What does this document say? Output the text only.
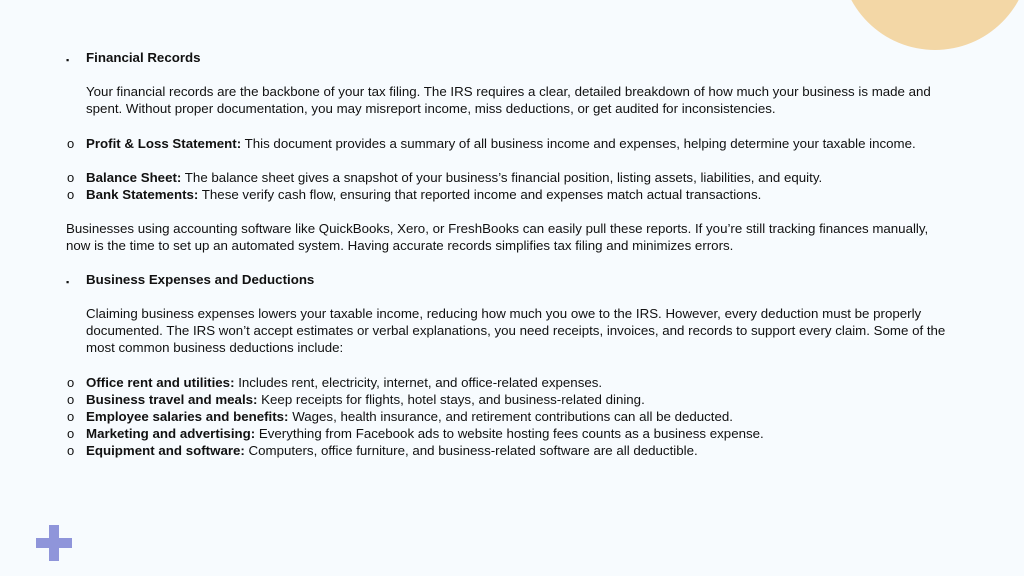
▪ Financial Records
Your financial records are the backbone of your tax filing. The IRS requires a clear, detailed breakdown of how much your business is made and spent. Without proper documentation, you may misreport income, miss deductions, or get audited for inconsistencies.
o Profit & Loss Statement: This document provides a summary of all business income and expenses, helping determine your taxable income.
o Balance Sheet: The balance sheet gives a snapshot of your business’s financial position, listing assets, liabilities, and equity.
o Bank Statements: These verify cash flow, ensuring that reported income and expenses match actual transactions.
Businesses using accounting software like QuickBooks, Xero, or FreshBooks can easily pull these reports. If you’re still tracking finances manually, now is the time to set up an automated system. Having accurate records simplifies tax filing and minimizes errors.
▪ Business Expenses and Deductions
Claiming business expenses lowers your taxable income, reducing how much you owe to the IRS. However, every deduction must be properly documented. The IRS won’t accept estimates or verbal explanations, you need receipts, invoices, and records to support every claim. Some of the most common business deductions include:
o Office rent and utilities: Includes rent, electricity, internet, and office-related expenses.
o Business travel and meals: Keep receipts for flights, hotel stays, and business-related dining.
o Employee salaries and benefits: Wages, health insurance, and retirement contributions can all be deducted.
o Marketing and advertising: Everything from Facebook ads to website hosting fees counts as a business expense.
o Equipment and software: Computers, office furniture, and business-related software are all deductible.
